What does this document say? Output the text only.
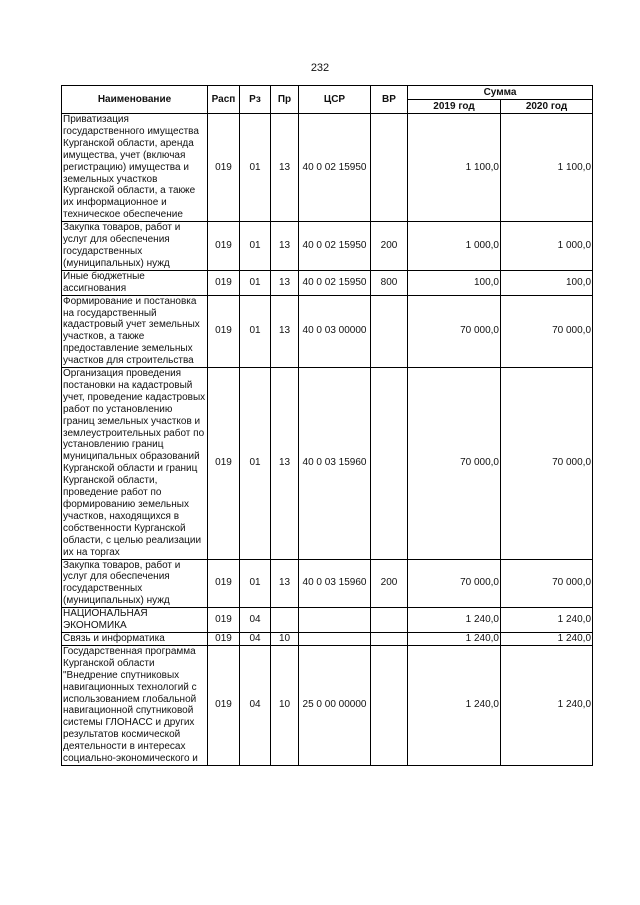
232
Наименование	Расп	Рз	Пр	ЦСР	ВР	Сумма	
						2019 год	2020 год
Приватизация государственного имущества Курганской области, аренда имущества, учет (включая регистрацию) имущества и земельных участков Курганской области, а также их информационное и техническое обеспечение	019	01	13	40 0 02 15950		1 100,0	1 100,0
Закупка товаров, работ и услуг для обеспечения государственных (муниципальных) нужд	019	01	13	40 0 02 15950	200	1 000,0	1 000,0
Иные бюджетные ассигнования	019	01	13	40 0 02 15950	800	100,0	100,0
Формирование и постановка на государственный кадастровый учет земельных участков, а также предоставление земельных участков для строительства	019	01	13	40 0 03 00000		70 000,0	70 000,0
Организация проведения постановки на кадастровый учет, проведение кадастровых работ по установлению границ земельных участков и землеустроительных работ по установлению границ муниципальных образований Курганской области и границ Курганской области, проведение работ по формированию земельных участков, находящихся в собственности Курганской области, с целью реализации их на торгах	019	01	13	40 0 03 15960		70 000,0	70 000,0
Закупка товаров, работ и услуг для обеспечения государственных (муниципальных) нужд	019	01	13	40 0 03 15960	200	70 000,0	70 000,0
НАЦИОНАЛЬНАЯ ЭКОНОМИКА	019	04				1 240,0	1 240,0
Связь и информатика	019	04	10			1 240,0	1 240,0
Государственная программа Курганской области "Внедрение спутниковых навигационных технологий с использованием глобальной навигационной спутниковой системы ГЛОНАСС и других результатов космической деятельности в интересах социально-экономического и	019	04	10	25 0 00 00000		1 240,0	1 240,0
